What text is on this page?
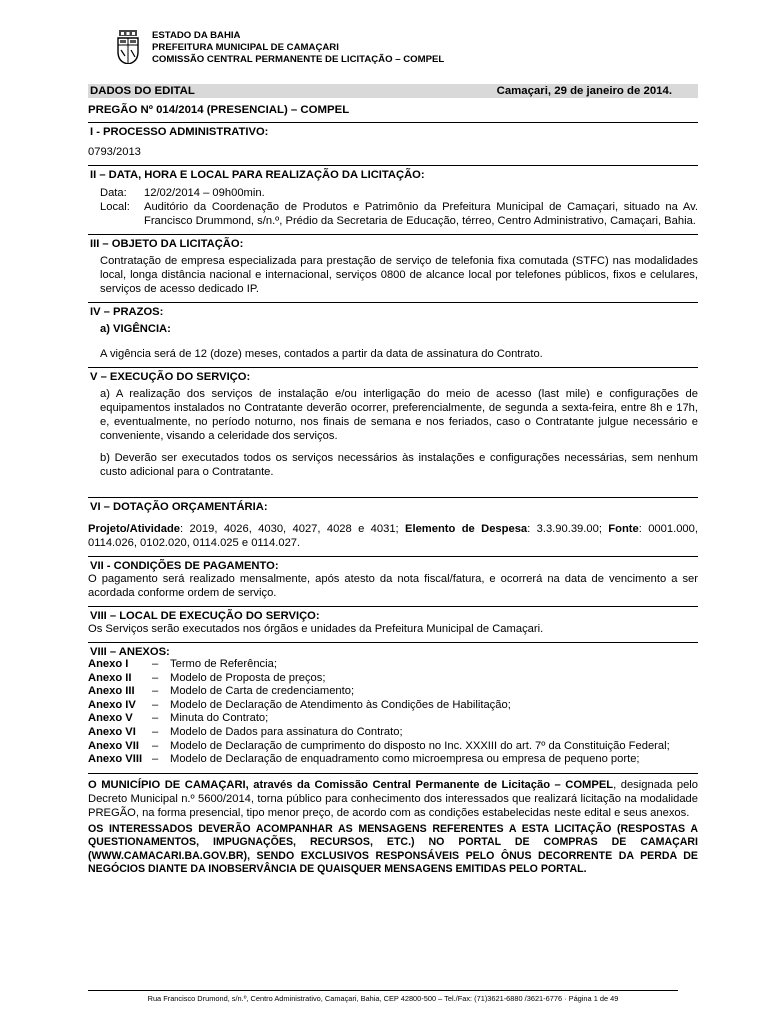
ESTADO DA BAHIA
PREFEITURA MUNICIPAL DE CAMAÇARI
COMISSÃO CENTRAL PERMANENTE DE LICITAÇÃO – COMPEL
DADOS DO EDITAL	Camaçari, 29 de janeiro de 2014.
PREGÃO Nº 014/2014 (PRESENCIAL) – COMPEL
I - PROCESSO ADMINISTRATIVO:
0793/2013
II – DATA, HORA E LOCAL PARA REALIZAÇÃO DA LICITAÇÃO:
Data:	12/02/2014 – 09h00min.
Local:	Auditório da Coordenação de Produtos e Patrimônio da Prefeitura Municipal de Camaçari, situado na Av. Francisco Drummond, s/n.º, Prédio da Secretaria de Educação, térreo, Centro Administrativo, Camaçari, Bahia.
III – OBJETO DA LICITAÇÃO:
Contratação de empresa especializada para prestação de serviço de telefonia fixa comutada (STFC) nas modalidades local, longa distância nacional e internacional, serviços 0800 de alcance local por telefones públicos, fixos e celulares, serviços de acesso dedicado IP.
IV – PRAZOS:
a) VIGÊNCIA:
A vigência será de 12 (doze) meses, contados a partir da data de assinatura do Contrato.
V – EXECUÇÃO DO SERVIÇO:
a) A realização dos serviços de instalação e/ou interligação do meio de acesso (last mile) e configurações de equipamentos instalados no Contratante deverão ocorrer, preferencialmente, de segunda a sexta-feira, entre 8h e 17h, e, eventualmente, no período noturno, nos finais de semana e nos feriados, caso o Contratante julgue necessário e conveniente, visando a celeridade dos serviços.
b) Deverão ser executados todos os serviços necessários às instalações e configurações necessárias, sem nenhum custo adicional para o Contratante.
VI – DOTAÇÃO ORÇAMENTÁRIA:
Projeto/Atividade: 2019, 4026, 4030, 4027, 4028 e 4031; Elemento de Despesa: 3.3.90.39.00; Fonte: 0001.000, 0114.026, 0102.020, 0114.025 e 0114.027.
VII - CONDIÇÕES DE PAGAMENTO:
O pagamento será realizado mensalmente, após atesto da nota fiscal/fatura, e ocorrerá na data de vencimento a ser acordada conforme ordem de serviço.
VIII – LOCAL DE EXECUÇÃO DO SERVIÇO:
Os Serviços serão executados nos órgãos e unidades da Prefeitura Municipal de Camaçari.
VIII – ANEXOS:
Anexo I	–	Termo de Referência;
Anexo II	–	Modelo de Proposta de preços;
Anexo III	–	Modelo de Carta de credenciamento;
Anexo IV	–	Modelo de Declaração de Atendimento às Condições de Habilitação;
Anexo V	–	Minuta do Contrato;
Anexo VI	–	Modelo de Dados para assinatura do Contrato;
Anexo VII	–	Modelo de Declaração de cumprimento do disposto no Inc. XXXIII do art. 7º da Constituição Federal;
Anexo VIII –	Modelo de Declaração de enquadramento como microempresa ou empresa de pequeno porte;
O MUNICÍPIO DE CAMAÇARI, através da Comissão Central Permanente de Licitação – COMPEL, designada pelo Decreto Municipal n.º 5600/2014, torna público para conhecimento dos interessados que realizará licitação na modalidade PREGÃO, na forma presencial, tipo menor preço, de acordo com as condições estabelecidas neste edital e seus anexos.
OS INTERESSADOS DEVERÃO ACOMPANHAR AS MENSAGENS REFERENTES A ESTA LICITAÇÃO (RESPOSTAS A QUESTIONAMENTOS, IMPUGNAÇÕES, RECURSOS, ETC.) NO PORTAL DE COMPRAS DE CAMAÇARI (WWW.CAMACARI.BA.GOV.BR), SENDO EXCLUSIVOS RESPONSÁVEIS PELO ÔNUS DECORRENTE DA PERDA DE NEGÓCIOS DIANTE DA INOBSERVÂNCIA DE QUAISQUER MENSAGENS EMITIDAS PELO PORTAL.
Rua Francisco Drumond, s/n.º, Centro Administrativo, Camaçari, Bahia, CEP 42800-500 – Tel./Fax: (71)3621-6880 /3621-6776 · Página 1 de 49
